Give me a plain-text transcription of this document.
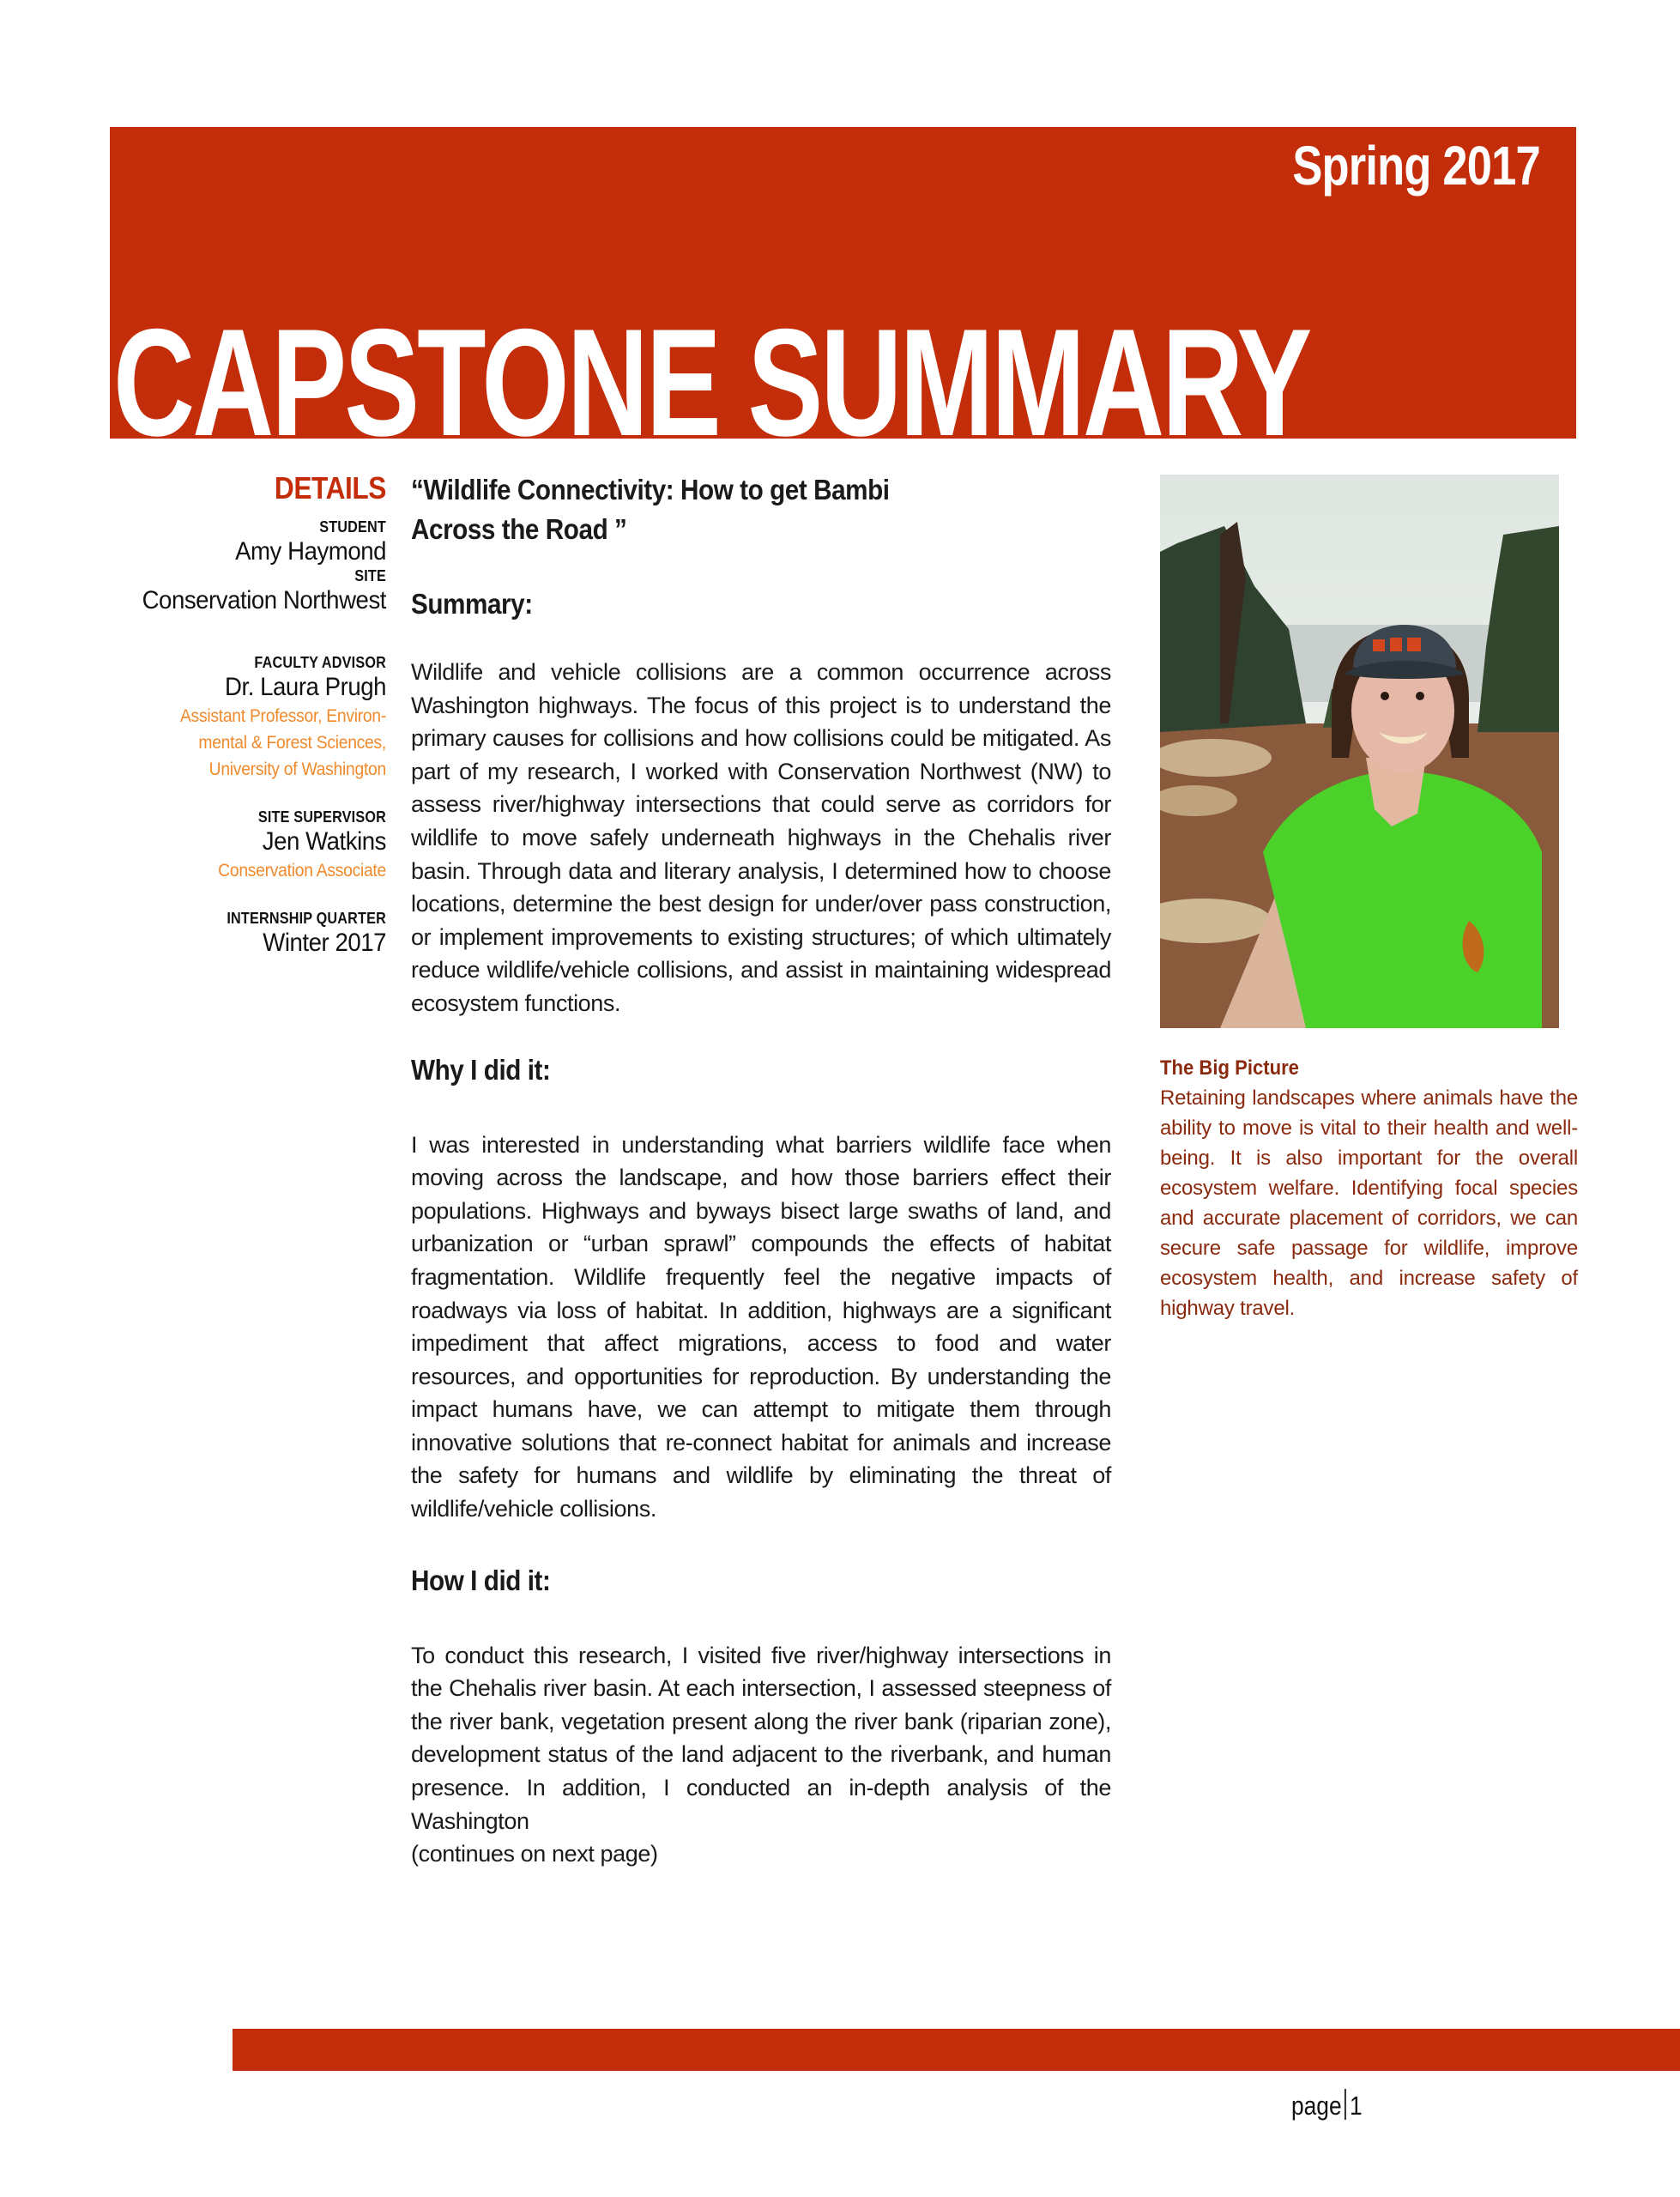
Spring 2017
CAPSTONE SUMMARY
DETAILS
STUDENT
Amy Haymond
SITE
Conservation Northwest
FACULTY ADVISOR
Dr. Laura Prugh
Assistant Professor, Environ-
mental & Forest Sciences,
University of Washington
SITE SUPERVISOR
Jen Watkins
Conservation Associate
INTERNSHIP QUARTER
Winter 2017
“Wildlife Connectivity: How to get Bambi
Across the Road ”
Summary:

Wildlife and vehicle collisions are a common occurrence across Washington highways. The focus of this project is to understand the primary causes for collisions and how collisions could be mitigated. As part of my research, I worked with Conservation Northwest (NW) to assess river/highway intersections that could serve as corridors for wildlife to move safely underneath highways in the Chehalis river basin. Through data and literary analysis, I determined how to choose locations, determine the best design for under/over pass construction, or implement improvements to existing structures; of which ultimately reduce wildlife/vehicle collisions, and assist in maintaining widespread ecosystem functions.

Why I did it:

I was interested in understanding what barriers wildlife face when moving across the landscape, and how those barriers effect their populations. Highways and byways bisect large swaths of land, and urbanization or “urban sprawl” compounds the effects of habitat fragmentation. Wildlife frequently feel the negative impacts of roadways via loss of habitat. In addition, highways are a significant impediment that affect migrations, access to food and water resources, and opportunities for reproduction. By understanding the impact humans have, we can attempt to mitigate them through innovative solutions that re-connect habitat for animals and increase the safety for humans and wildlife by eliminating the threat of wildlife/vehicle collisions.

How I did it:

To conduct this research, I visited five river/highway intersections in the Chehalis river basin. At each intersection, I assessed steepness of the river bank, vegetation present along the river bank (riparian zone), development status of the land adjacent to the riverbank, and human presence. In addition, I conducted an in-depth analysis of the Washington

(continues on next page)

The Big Picture

Retaining landscapes where animals have the ability to move is vital to their health and well-being. It is also important for the overall ecosystem welfare. Identifying focal species and accurate placement of corridors, we can secure safe passage for wildlife, improve ecosystem health, and increase safety of highway travel.

page 1
